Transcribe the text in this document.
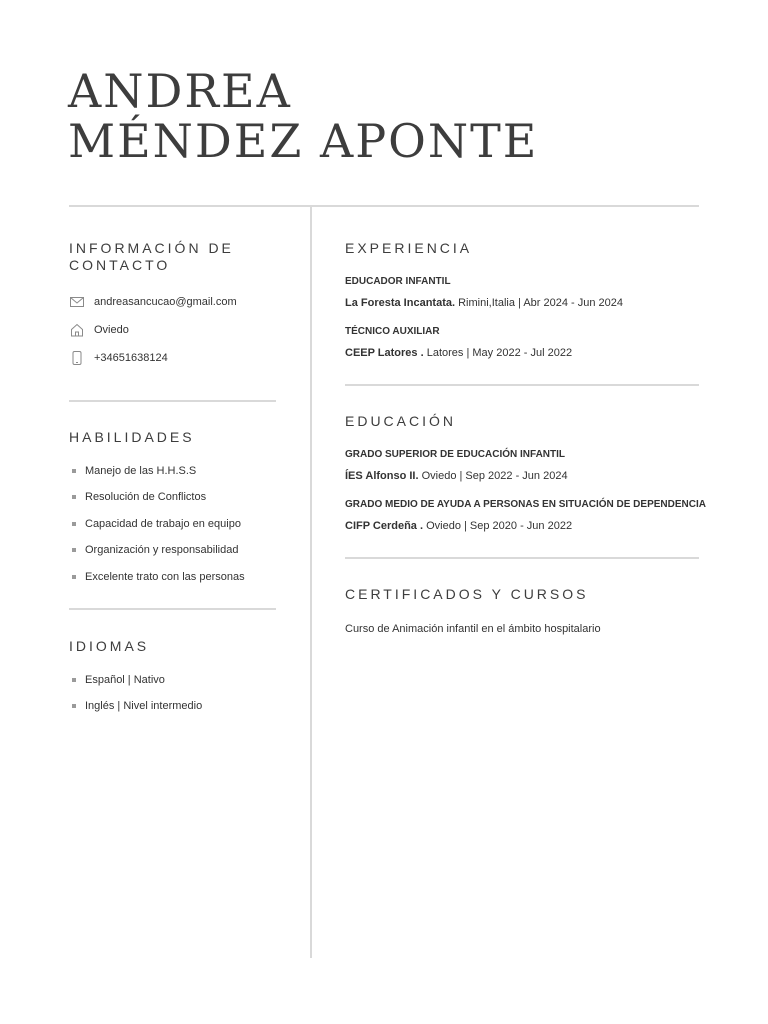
ANDREA
MÉNDEZ APONTE
INFORMACIÓN DE CONTACTO
andreasancucao@gmail.com
Oviedo
+34651638124
HABILIDADES
Manejo de las H.H.S.S
Resolución de Conflictos
Capacidad de trabajo en equipo
Organización y responsabilidad
Excelente trato con las personas
IDIOMAS
Español | Nativo
Inglés | Nivel intermedio
EXPERIENCIA
EDUCADOR INFANTIL
La Foresta Incantata. Rimini,Italia | Abr 2024 - Jun 2024
TÉCNICO AUXILIAR
CEEP Latores . Latores | May 2022 - Jul 2022
EDUCACIÓN
GRADO SUPERIOR DE EDUCACIÓN INFANTIL
ÍES Alfonso II. Oviedo | Sep 2022 - Jun 2024
GRADO MEDIO DE AYUDA A PERSONAS EN SITUACIÓN DE DEPENDENCIA
CIFP Cerdeña . Oviedo | Sep 2020 - Jun 2022
CERTIFICADOS Y CURSOS
Curso de Animación infantil en el ámbito hospitalario
